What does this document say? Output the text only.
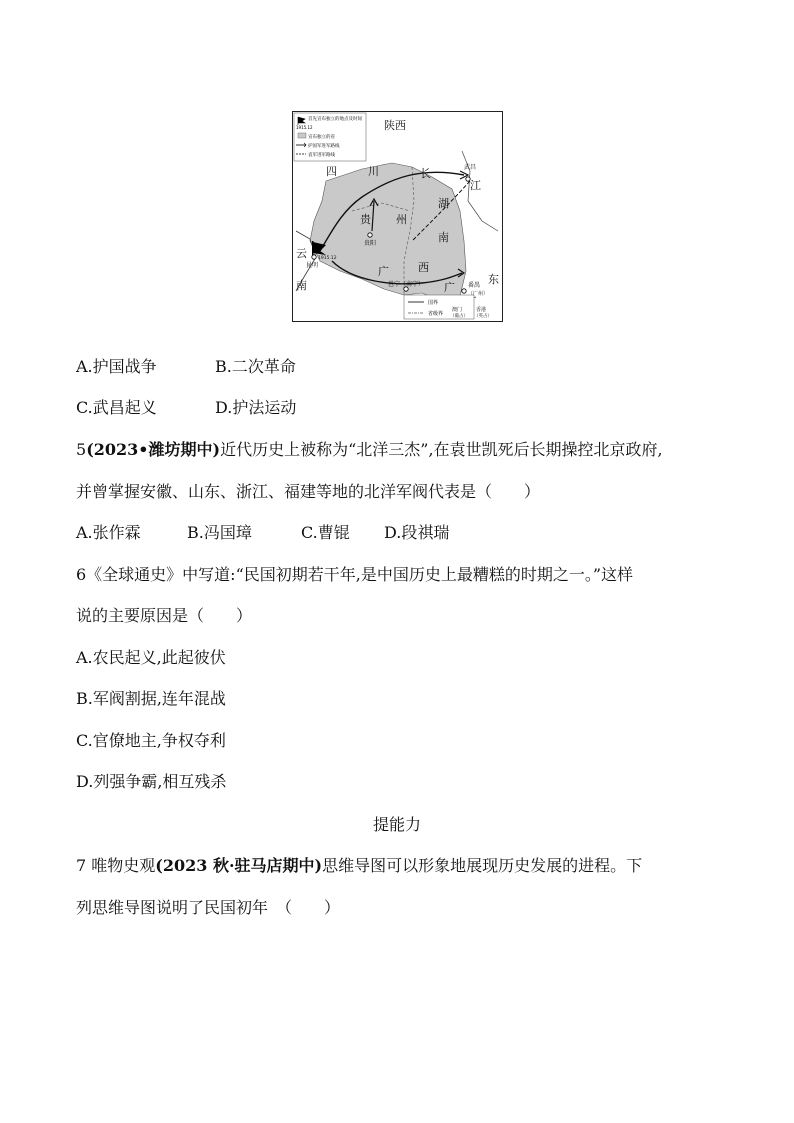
首先宣布独立的地点及时间
1915.12
宣布独立的省
护国军进军路线
袁军进军路线
国界
省级界
陕西
四	川	长
江
武昌
湖
南
贵 州
贵阳
云
南
昆明
1915.12
广	西
邕宁（南宁） 广 番禺
（广州）
东
澳门
（葡占）
香港
（英占）
A.护国战争	B.二次革命
C.武昌起义	D.护法运动
5(2023•潍坊期中)近代历史上被称为“北洋三杰”,在袁世凯死后长期操控北京政府,
并曾掌握安徽、山东、浙江、福建等地的北洋军阀代表是（　　）
A.张作霖	B.冯国璋	C.曹锟 D.段祺瑞
6《全球通史》中写道:“民国初期若干年,是中国历史上最糟糕的时期之一。”这样
说的主要原因是（　　）
A.农民起义,此起彼伏
B.军阀割据,连年混战
C.官僚地主,争权夺利
D.列强争霸,相互残杀
提能力
7 唯物史观(2023 秋·驻马店期中)思维导图可以形象地展现历史发展的进程。下
列思维导图说明了民国初年　（　　）
